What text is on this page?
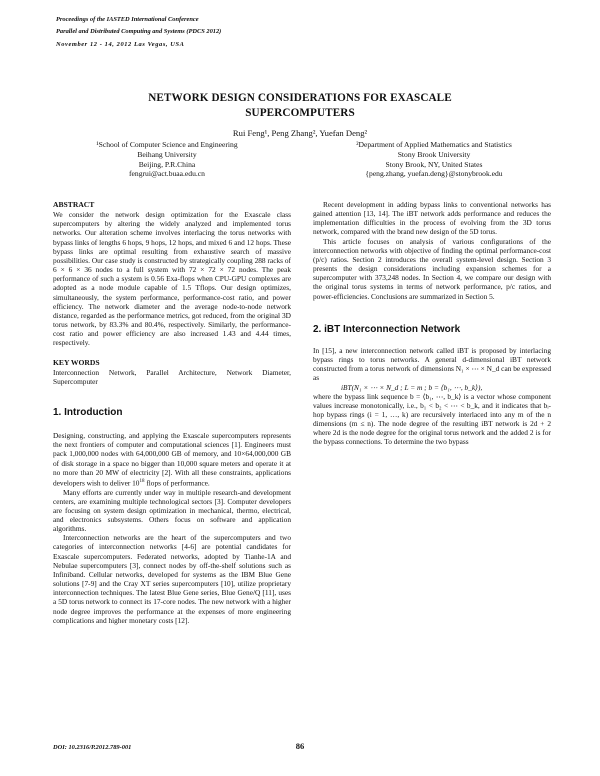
Proceedings of the IASTED International Conference
Parallel and Distributed Computing and Systems (PDCS 2012)
November 12 - 14, 2012 Las Vegas, USA
NETWORK DESIGN CONSIDERATIONS FOR EXASCALE
SUPERCOMPUTERS
Rui Feng¹, Peng Zhang², Yuefan Deng²
¹School of Computer Science and Engineering
Beihang University
Beijing, P.R.China
fengrui@act.buaa.edu.cn
²Department of Applied Mathematics and Statistics
Stony Brook University
Stony Brook, NY, United States
{peng.zhang, yuefan.deng}@stonybrook.edu
ABSTRACT

We consider the network design optimization for the Exascale class supercomputers by altering the widely analyzed and implemented torus networks. Our alteration scheme involves interlacing the torus networks with bypass links of lengths 6 hops, 9 hops, 12 hops, and mixed 6 and 12 hops. These bypass links are optimal resulting from exhaustive search of massive possibilities. Our case study is constructed by strategically coupling 288 racks of 6 × 6 × 36 nodes to a full system with 72 × 72 × 72 nodes. The peak performance of such a system is 0.56 Exa-flops when CPU-GPU complexes are adopted as a node module capable of 1.5 Tflops. Our design optimizes, simultaneously, the system performance, performance-cost ratio, and power efficiency. The network diameter and the average node-to-node network distance, regarded as the performance metrics, got reduced, from the original 3D torus network, by 83.3% and 80.4%, respectively. Similarly, the performance-cost ratio and power efficiency are also increased 1.43 and 4.44 times, respectively.

KEY WORDS

Interconnection Network, Parallel Architecture, Network Diameter, Supercomputer

1. Introduction

Designing, constructing, and applying the Exascale supercomputers represents the next frontiers of computer and computational sciences [1]. Engineers must pack 1,000,000 nodes with 64,000,000 GB of memory, and 10×64,000,000 GB of disk storage in a space no bigger than 10,000 square meters and operate it at no more than 20 MW of electricity [2]. With all these constraints, applications developers wish to deliver $10^{18}$ flops of performance.

Many efforts are currently under way in multiple research-and development centers, are examining multiple technological sectors [3]. Computer developers are focusing on system design optimization in mechanical, thermo, electrical, and electronics subsystems. Others focus on software and application algorithms.

Interconnection networks are the heart of the supercomputers and two categories of interconnection networks [4-6] are potential candidates for Exascale supercomputers. Federated networks, adopted by Tianhe-1A and Nebulae supercomputers [3], connect nodes by off-the-shelf solutions such as Infiniband. Cellular networks, developed for systems as the IBM Blue Gene solutions [7-9] and the Cray XT series supercomputers [10], utilize proprietary interconnection techniques. The latest Blue Gene series, Blue Gene/Q [11], uses a 5D torus network to connect its 17-core nodes. The new network with a higher node degree improves the performance at the expenses of more engineering complications and higher monetary costs [12].

Recent development in adding bypass links to conventional networks has gained attention [13, 14]. The iBT network adds performance and reduces the implementation difficulties in the process of evolving from the 3D torus network, compared with the brand new design of the 5D torus.

This article focuses on analysis of various configurations of the interconnection networks with objective of finding the optimal performance-cost (p/c) ratios. Section 2 introduces the overall system-level design. Section 3 presents the design considerations including expansion schemes for a supercomputer with 373,248 nodes. In Section 4, we compare our design with the original torus systems in terms of network performance, p/c ratios, and power-efficiencies. Conclusions are summarized in Section 5.

2. iBT Interconnection Network

In [15], a new interconnection network called iBT is proposed by interlacing bypass rings to torus networks. A general d-dimensional iBT network constructed from a torus network of dimensions N₁ × ⋯ × N_d can be expressed as

iBT(N₁ × ⋯ × N_d ; L = m ; b = ⟨b₁, ⋯, b_k⟩),

where the bypass link sequence b = ⟨b₁, ⋯, b_k⟩ is a vector whose component values increase monotonically, i.e., b₁ < b₂ < ⋯ < b_k, and it indicates that bᵢ-hop bypass rings (i = 1, …, k) are recursively interlaced into any m of the n dimensions (m ≤ n). The node degree of the resulting iBT network is 2d + 2 where 2d is the node degree for the original torus network and the added 2 is for the bypass connections. To determine the two bypass

DOI: 10.2316/P.2012.789-001	86
